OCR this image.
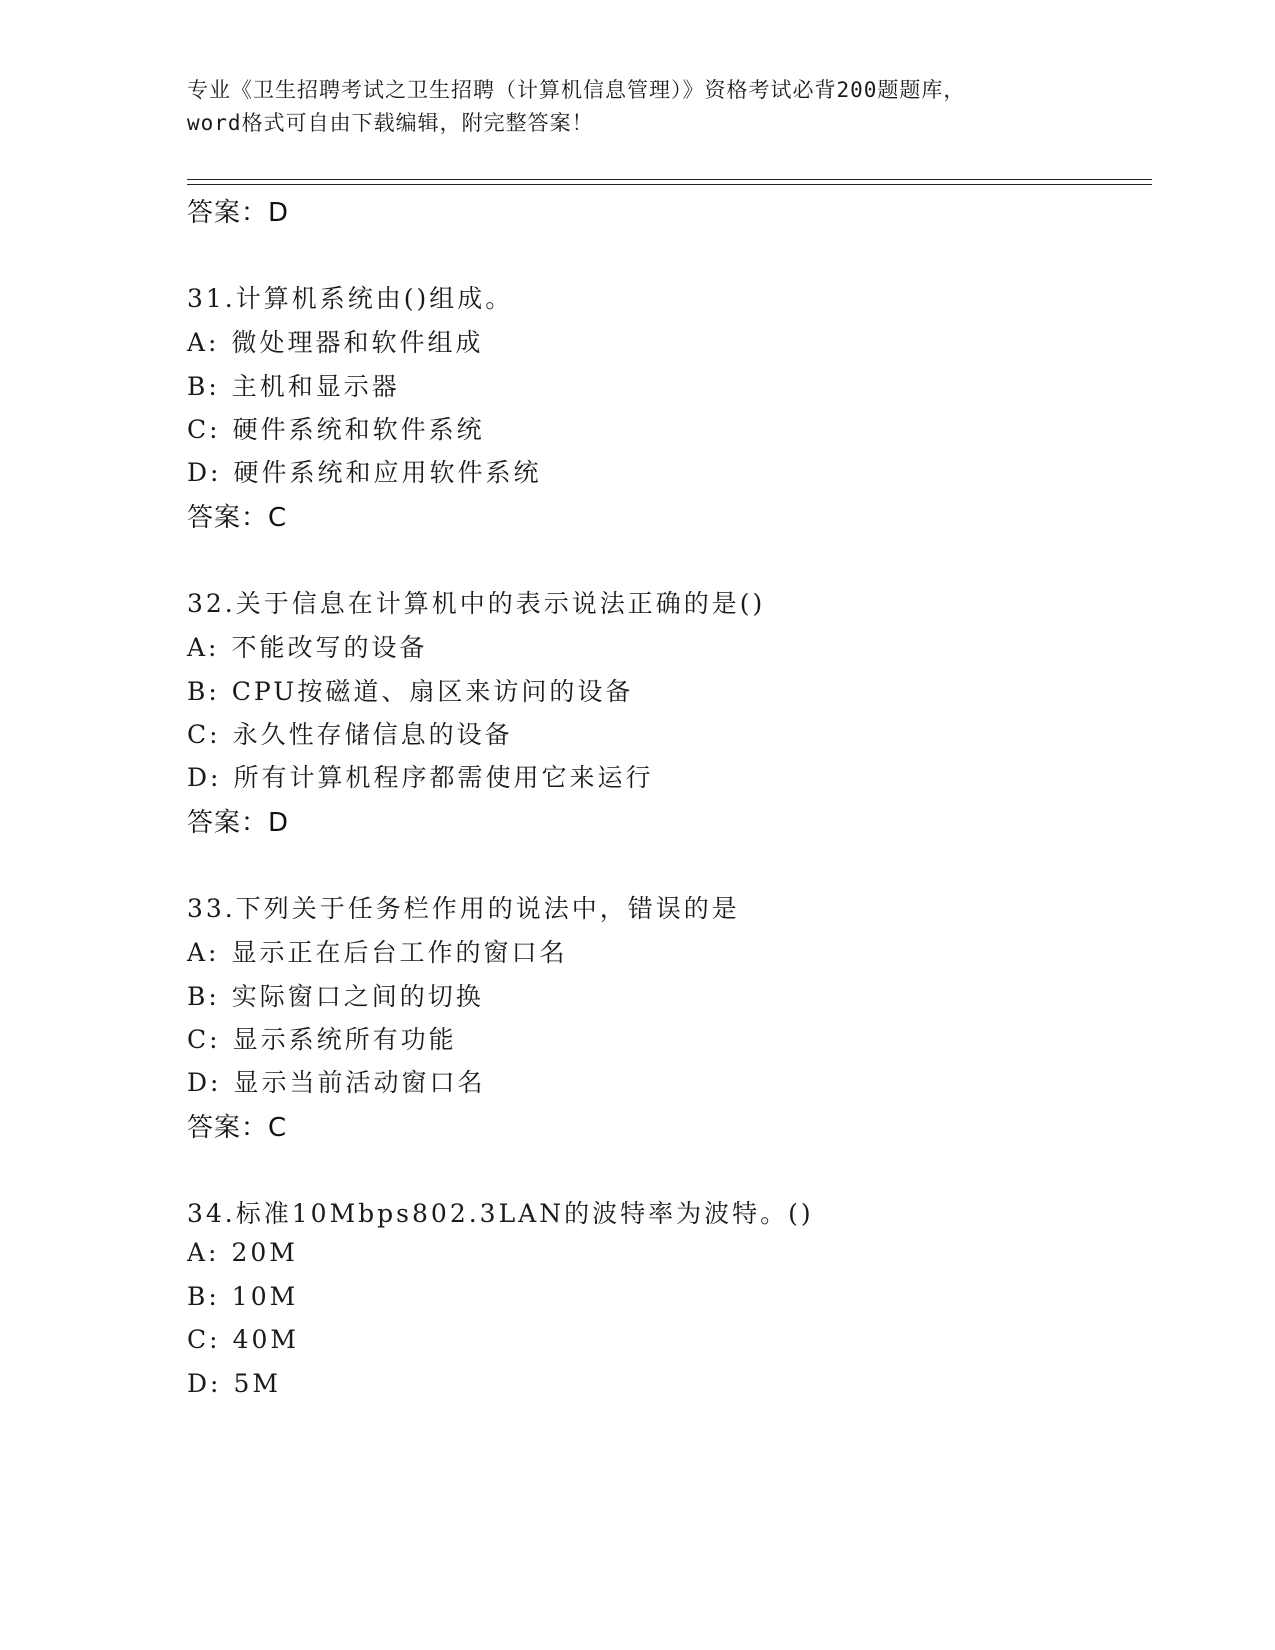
专业《卫生招聘考试之卫生招聘（计算机信息管理）》资格考试必背200题题库，
word格式可自由下载编辑，附完整答案！
答案：D
31.计算机系统由()组成。
A: 微处理器和软件组成
B: 主机和显示器
C: 硬件系统和软件系统
D: 硬件系统和应用软件系统
答案：C
32.关于信息在计算机中的表示说法正确的是()
A: 不能改写的设备
B: CPU按磁道、扇区来访问的设备
C: 永久性存储信息的设备
D: 所有计算机程序都需使用它来运行
答案：D
33.下列关于任务栏作用的说法中，错误的是
A: 显示正在后台工作的窗口名
B: 实际窗口之间的切换
C: 显示系统所有功能
D: 显示当前活动窗口名
答案：C
34.标准10Mbps802.3LAN的波特率为波特。()
A: 20M
B: 10M
C: 40M
D: 5M
